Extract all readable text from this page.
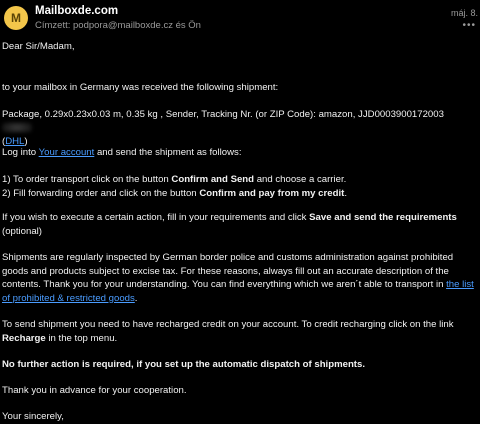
M	Mailboxde.com
Címzett: podpora@mailboxde.cz és Ön
máj. 8.
•••

Dear Sir/Madam,

to your mailbox in Germany was received the following shipment:

Package, 0.29x0.23x0.03 m, 0.35 kg , Sender, Tracking Nr. (or ZIP Code): amazon, JJD0003900172003
(DHL)

Log into Your account and send the shipment as follows:

1) To order transport click on the button Confirm and Send and choose a carrier.
2) Fill forwarding order and click on the button Confirm and pay from my credit.

If you wish to execute a certain action, fill in your requirements and click Save and send the requirements (optional)

Shipments are regularly inspected by German border police and customs administration against prohibited goods and products subject to excise tax. For these reasons, always fill out an accurate description of the contents. Thank you for your understanding. You can find everything which we aren´t able to transport in the list of prohibited & restricted goods.

To send shipment you need to have recharged credit on your account. To credit recharging click on the link Recharge in the top menu.

No further action is required, if you set up the automatic dispatch of shipments.

Thank you in advance for your cooperation.

Your sincerely,
